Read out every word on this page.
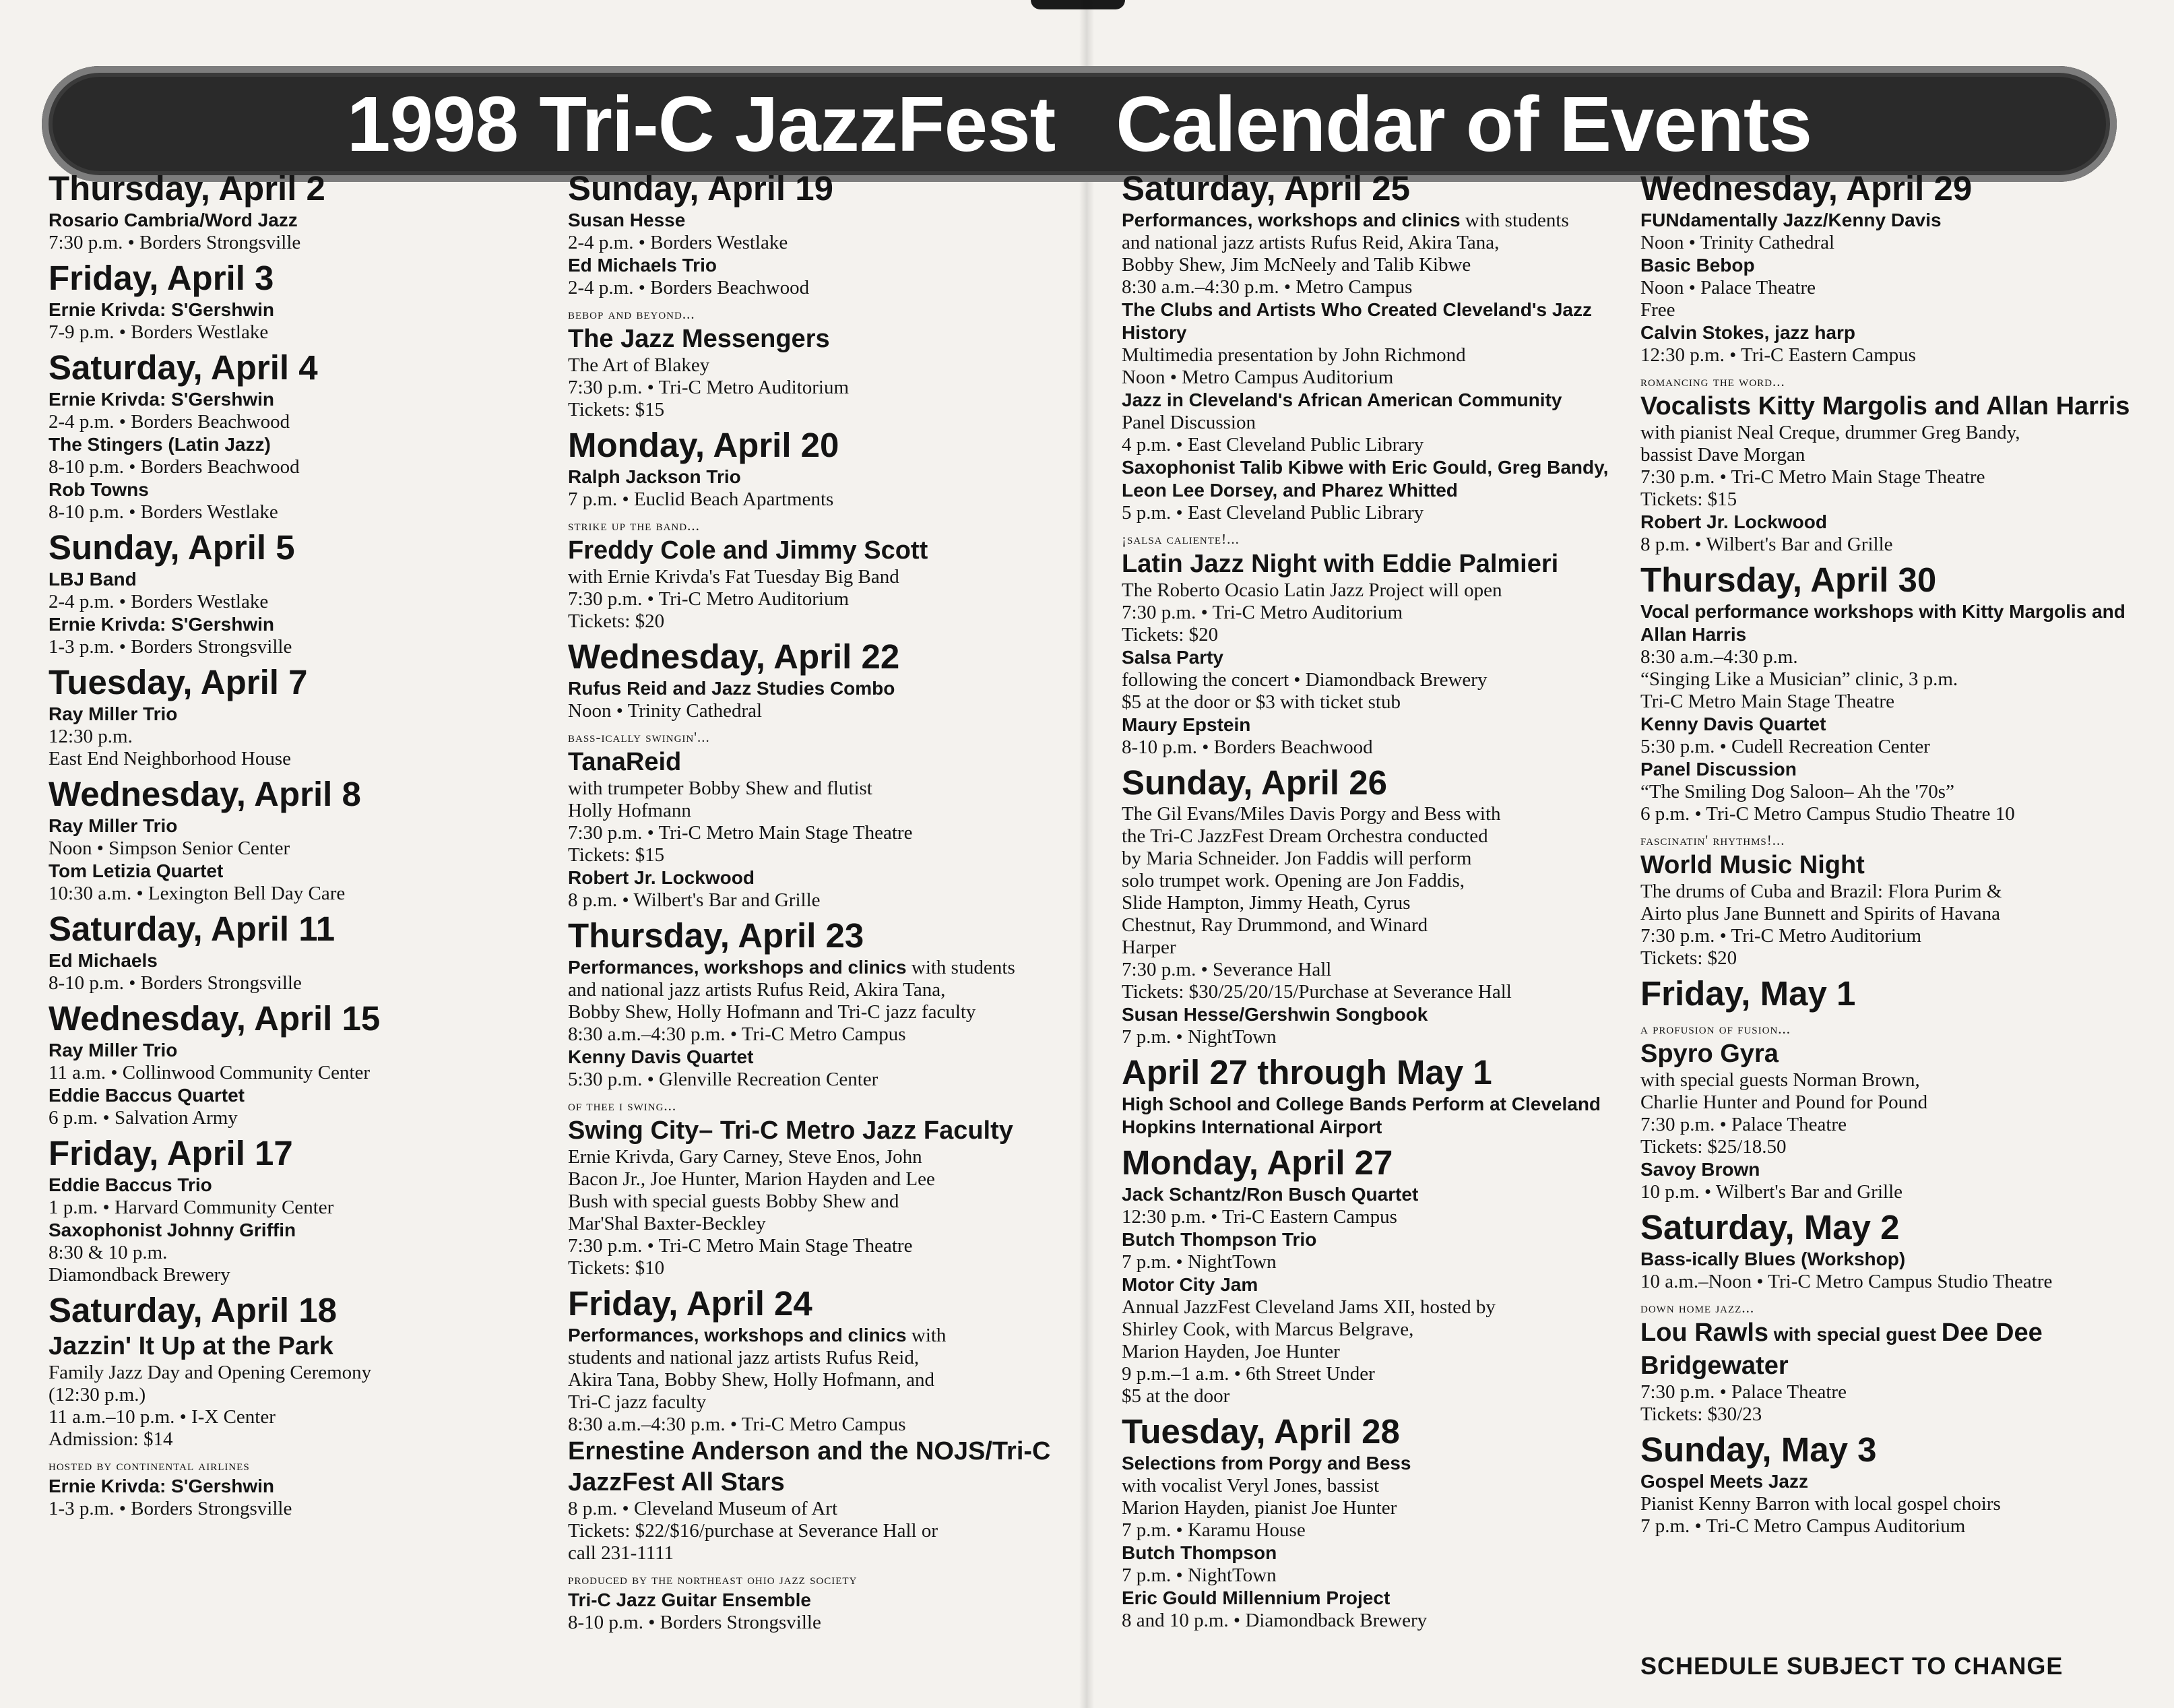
1998 Tri-C JazzFest Calendar of Events
Thursday, April 2
Rosario Cambria/Word Jazz
7:30 p.m. • Borders Strongsville
Friday, April 3
Ernie Krivda: S'Gershwin
7-9 p.m. • Borders Westlake
Saturday, April 4
Ernie Krivda: S'Gershwin
2-4 p.m. • Borders Beachwood
The Stingers (Latin Jazz)
8-10 p.m. • Borders Beachwood
Rob Towns
8-10 p.m. • Borders Westlake
Sunday, April 5
LBJ Band
2-4 p.m. • Borders Westlake
Ernie Krivda: S'Gershwin
1-3 p.m. • Borders Strongsville
Tuesday, April 7
Ray Miller Trio
12:30 p.m.
East End Neighborhood House
Wednesday, April 8
Ray Miller Trio
Noon • Simpson Senior Center
Tom Letizia Quartet
10:30 a.m. • Lexington Bell Day Care
Saturday, April 11
Ed Michaels
8-10 p.m. • Borders Strongsville
Wednesday, April 15
Ray Miller Trio
11 a.m. • Collinwood Community Center
Eddie Baccus Quartet
6 p.m. • Salvation Army
Friday, April 17
Eddie Baccus Trio
1 p.m. • Harvard Community Center
Saxophonist Johnny Griffin
8:30 & 10 p.m.
Diamondback Brewery
Saturday, April 18
Jazzin' It Up at the Park
Family Jazz Day and Opening Ceremony
(12:30 p.m.)
11 a.m.–10 p.m. • I-X Center
Admission: $14
hosted by continental airlines
Ernie Krivda: S'Gershwin
1-3 p.m. • Borders Strongsville
Sunday, April 19
Susan Hesse
2-4 p.m. • Borders Westlake
Ed Michaels Trio
2-4 p.m. • Borders Beachwood
bebop and beyond...
The Jazz Messengers
The Art of Blakey
7:30 p.m. • Tri-C Metro Auditorium
Tickets: $15
Monday, April 20
Ralph Jackson Trio
7 p.m. • Euclid Beach Apartments
strike up the band...
Freddy Cole and Jimmy Scott
with Ernie Krivda's Fat Tuesday Big Band
7:30 p.m. • Tri-C Metro Auditorium
Tickets: $20
Wednesday, April 22
Rufus Reid and Jazz Studies Combo
Noon • Trinity Cathedral
bass-ically swingin'...
TanaReid
with trumpeter Bobby Shew and flutist
Holly Hofmann
7:30 p.m. • Tri-C Metro Main Stage Theatre
Tickets: $15
Robert Jr. Lockwood
8 p.m. • Wilbert's Bar and Grille
Thursday, April 23
Performances, workshops and clinics with students
and national jazz artists Rufus Reid, Akira Tana,
Bobby Shew, Holly Hofmann and Tri-C jazz faculty
8:30 a.m.–4:30 p.m. • Tri-C Metro Campus
Kenny Davis Quartet
5:30 p.m. • Glenville Recreation Center
of thee i swing...
Swing City– Tri-C Metro Jazz Faculty
Ernie Krivda, Gary Carney, Steve Enos, John
Bacon Jr., Joe Hunter, Marion Hayden and Lee
Bush with special guests Bobby Shew and
Mar'Shal Baxter-Beckley
7:30 p.m. • Tri-C Metro Main Stage Theatre
Tickets: $10
Friday, April 24
Performances, workshops and clinics with
students and national jazz artists Rufus Reid,
Akira Tana, Bobby Shew, Holly Hofmann, and
Tri-C jazz faculty
8:30 a.m.–4:30 p.m. • Tri-C Metro Campus
Ernestine Anderson and the NOJS/Tri-C JazzFest All Stars
8 p.m. • Cleveland Museum of Art
Tickets: $22/$16/purchase at Severance Hall or
call 231-1111
produced by the northeast ohio jazz society
Tri-C Jazz Guitar Ensemble
8-10 p.m. • Borders Strongsville
Saturday, April 25
Performances, workshops and clinics with students
and national jazz artists Rufus Reid, Akira Tana,
Bobby Shew, Jim McNeely and Talib Kibwe
8:30 a.m.–4:30 p.m. • Metro Campus
The Clubs and Artists Who Created Cleveland's Jazz History
Multimedia presentation by John Richmond
Noon • Metro Campus Auditorium
Jazz in Cleveland's African American Community
Panel Discussion
4 p.m. • East Cleveland Public Library
Saxophonist Talib Kibwe with Eric Gould, Greg Bandy, Leon Lee Dorsey, and Pharez Whitted
5 p.m. • East Cleveland Public Library
¡salsa caliente!...
Latin Jazz Night with Eddie Palmieri
The Roberto Ocasio Latin Jazz Project will open
7:30 p.m. • Tri-C Metro Auditorium
Tickets: $20
Salsa Party
following the concert • Diamondback Brewery
$5 at the door or $3 with ticket stub
Maury Epstein
8-10 p.m. • Borders Beachwood
Sunday, April 26
The Gil Evans/Miles Davis Porgy and Bess with
the Tri-C JazzFest Dream Orchestra conducted
by Maria Schneider. Jon Faddis will perform
solo trumpet work. Opening are Jon Faddis,
Slide Hampton, Jimmy Heath, Cyrus
Chestnut, Ray Drummond, and Winard
Harper
7:30 p.m. • Severance Hall
Tickets: $30/25/20/15/Purchase at Severance Hall
Susan Hesse/Gershwin Songbook
7 p.m. • NightTown
April 27 through May 1
High School and College Bands Perform at Cleveland Hopkins International Airport
Monday, April 27
Jack Schantz/Ron Busch Quartet
12:30 p.m. • Tri-C Eastern Campus
Butch Thompson Trio
7 p.m. • NightTown
Motor City Jam
Annual JazzFest Cleveland Jams XII, hosted by
Shirley Cook, with Marcus Belgrave,
Marion Hayden, Joe Hunter
9 p.m.–1 a.m. • 6th Street Under
$5 at the door
Tuesday, April 28
Selections from Porgy and Bess
with vocalist Veryl Jones, bassist
Marion Hayden, pianist Joe Hunter
7 p.m. • Karamu House
Butch Thompson
7 p.m. • NightTown
Eric Gould Millennium Project
8 and 10 p.m. • Diamondback Brewery
Wednesday, April 29
FUNdamentally Jazz/Kenny Davis
Noon • Trinity Cathedral
Basic Bebop
Noon • Palace Theatre
Free
Calvin Stokes, jazz harp
12:30 p.m. • Tri-C Eastern Campus
romancing the word...
Vocalists Kitty Margolis and Allan Harris
with pianist Neal Creque, drummer Greg Bandy,
bassist Dave Morgan
7:30 p.m. • Tri-C Metro Main Stage Theatre
Tickets: $15
Robert Jr. Lockwood
8 p.m. • Wilbert's Bar and Grille
Thursday, April 30
Vocal performance workshops with Kitty Margolis and Allan Harris
8:30 a.m.–4:30 p.m.
“Singing Like a Musician” clinic, 3 p.m.
Tri-C Metro Main Stage Theatre
Kenny Davis Quartet
5:30 p.m. • Cudell Recreation Center
Panel Discussion
“The Smiling Dog Saloon– Ah the '70s”
6 p.m. • Tri-C Metro Campus Studio Theatre 10
fascinatin' rhythms!...
World Music Night
The drums of Cuba and Brazil: Flora Purim &
Airto plus Jane Bunnett and Spirits of Havana
7:30 p.m. • Tri-C Metro Auditorium
Tickets: $20
Friday, May 1
a profusion of fusion...
Spyro Gyra
with special guests Norman Brown,
Charlie Hunter and Pound for Pound
7:30 p.m. • Palace Theatre
Tickets: $25/18.50
Savoy Brown
10 p.m. • Wilbert's Bar and Grille
Saturday, May 2
Bass-ically Blues (Workshop)
10 a.m.–Noon • Tri-C Metro Campus Studio Theatre
down home jazz...
Lou Rawls with special guest Dee Dee Bridgewater
7:30 p.m. • Palace Theatre
Tickets: $30/23
Sunday, May 3
Gospel Meets Jazz
Pianist Kenny Barron with local gospel choirs
7 p.m. • Tri-C Metro Campus Auditorium
SCHEDULE SUBJECT TO CHANGE
